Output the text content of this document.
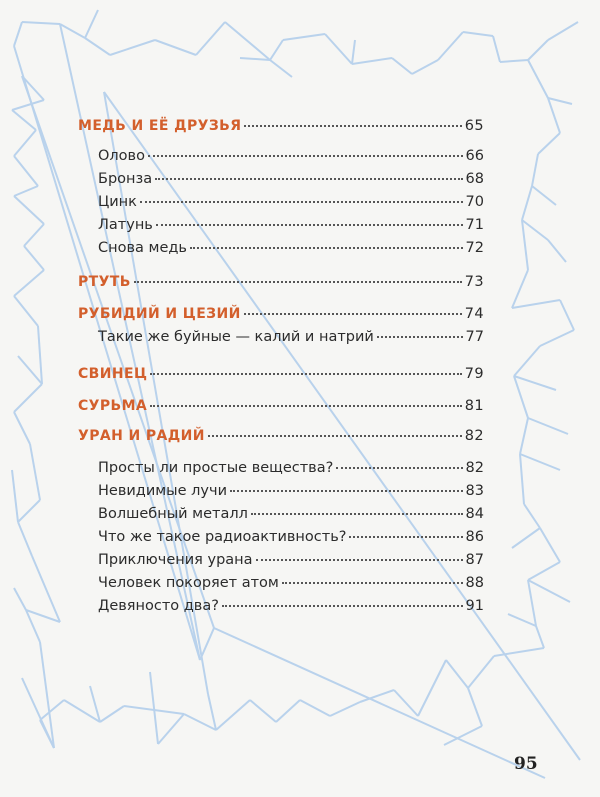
МЕДЬ И ЕЁ ДРУЗЬЯ	65
Олово	66
Бронза	68
Цинк	70
Латунь	71
Снова медь	72
РТУТЬ	73
РУБИДИЙ И ЦЕЗИЙ	74
Такие же буйные — калий и натрий	77
СВИНЕЦ	79
СУРЬМА	81
УРАН И РАДИЙ	82
Просты ли простые вещества?	82
Невидимые лучи	83
Волшебный металл	84
Что же такое радиоактивность?	86
Приключения урана	87
Человек покоряет атом	88
Девяносто два?	91
95
